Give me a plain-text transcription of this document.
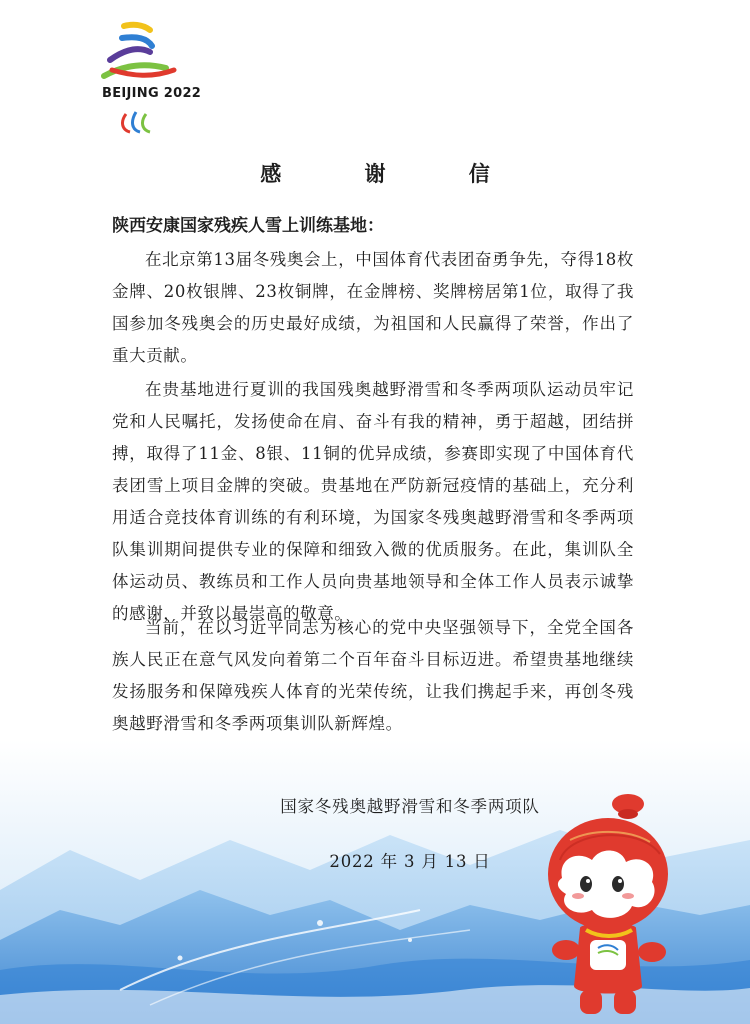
BEIJING 2022
感 谢 信
陕西安康国家残疾人雪上训练基地：
在北京第13届冬残奥会上，中国体育代表团奋勇争先，夺得18枚金牌、20枚银牌、23枚铜牌，在金牌榜、奖牌榜居第1位，取得了我国参加冬残奥会的历史最好成绩，为祖国和人民赢得了荣誉，作出了重大贡献。
在贵基地进行夏训的我国残奥越野滑雪和冬季两项队运动员牢记党和人民嘱托，发扬使命在肩、奋斗有我的精神，勇于超越，团结拼搏，取得了11金、8银、11铜的优异成绩，参赛即实现了中国体育代表团雪上项目金牌的突破。贵基地在严防新冠疫情的基础上，充分利用适合竞技体育训练的有利环境，为国家冬残奥越野滑雪和冬季两项队集训期间提供专业的保障和细致入微的优质服务。在此，集训队全体运动员、教练员和工作人员向贵基地领导和全体工作人员表示诚挚的感谢，并致以最崇高的敬意。
当前，在以习近平同志为核心的党中央坚强领导下，全党全国各族人民正在意气风发向着第二个百年奋斗目标迈进。希望贵基地继续发扬服务和保障残疾人体育的光荣传统，让我们携起手来，再创冬残奥越野滑雪和冬季两项集训队新辉煌。
国家冬残奥越野滑雪和冬季两项队
2022 年 3 月 13 日
